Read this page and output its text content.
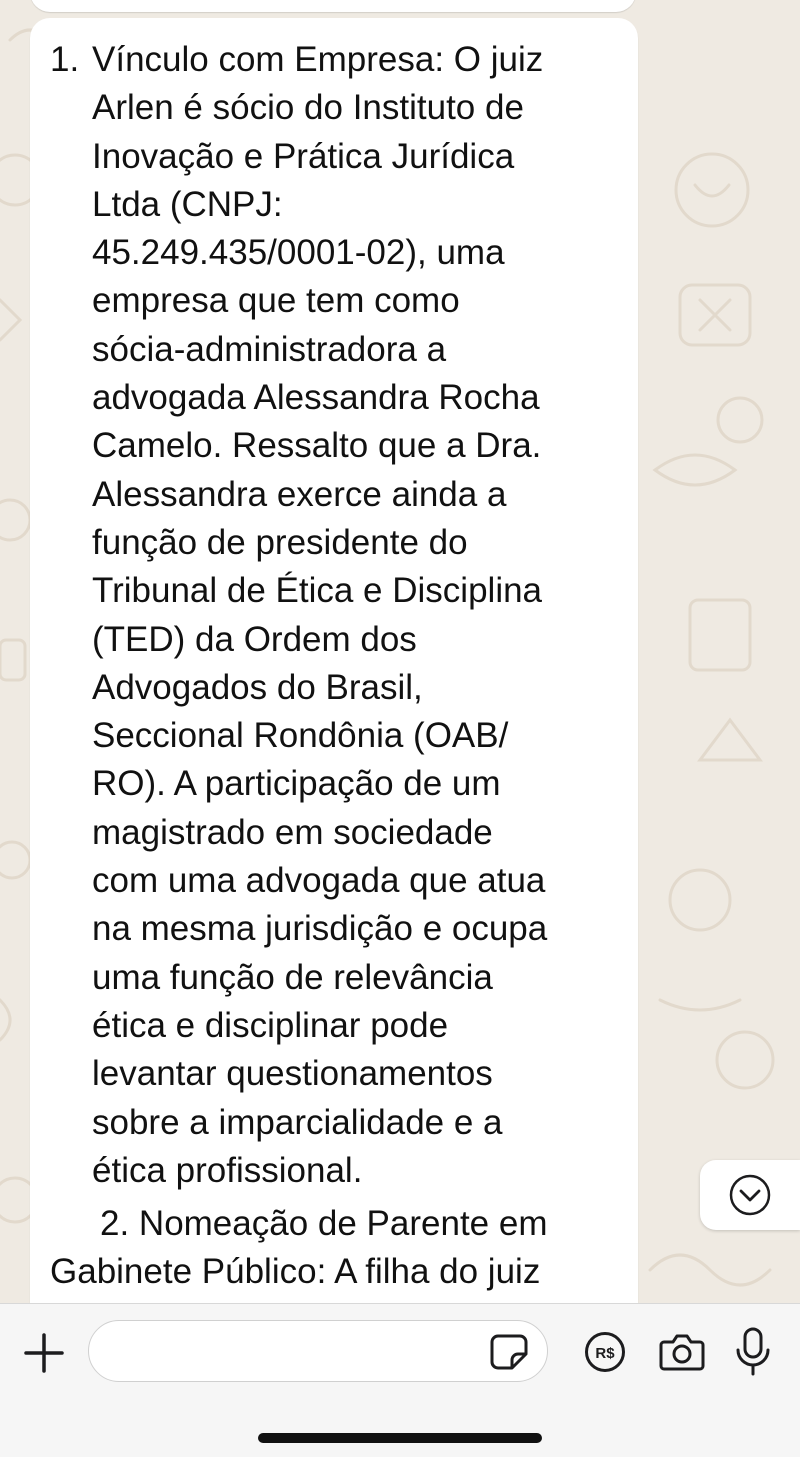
1. Vínculo com Empresa: O juiz
Arlen é sócio do Instituto de
Inovação e Prática Jurídica
Ltda (CNPJ:
45.249.435/0001-02), uma
empresa que tem como
sócia-administradora a
advogada Alessandra Rocha
Camelo. Ressalto que a Dra.
Alessandra exerce ainda a
função de presidente do
Tribunal de Ética e Disciplina
(TED) da Ordem dos
Advogados do Brasil,
Seccional Rondônia (OAB/
RO). A participação de um
magistrado em sociedade
com uma advogada que atua
na mesma jurisdição e ocupa
uma função de relevância
ética e disciplinar pode
levantar questionamentos
sobre a imparcialidade e a
ética profissional.
2. Nomeação de Parente em
Gabinete Público: A filha do juiz
R$
